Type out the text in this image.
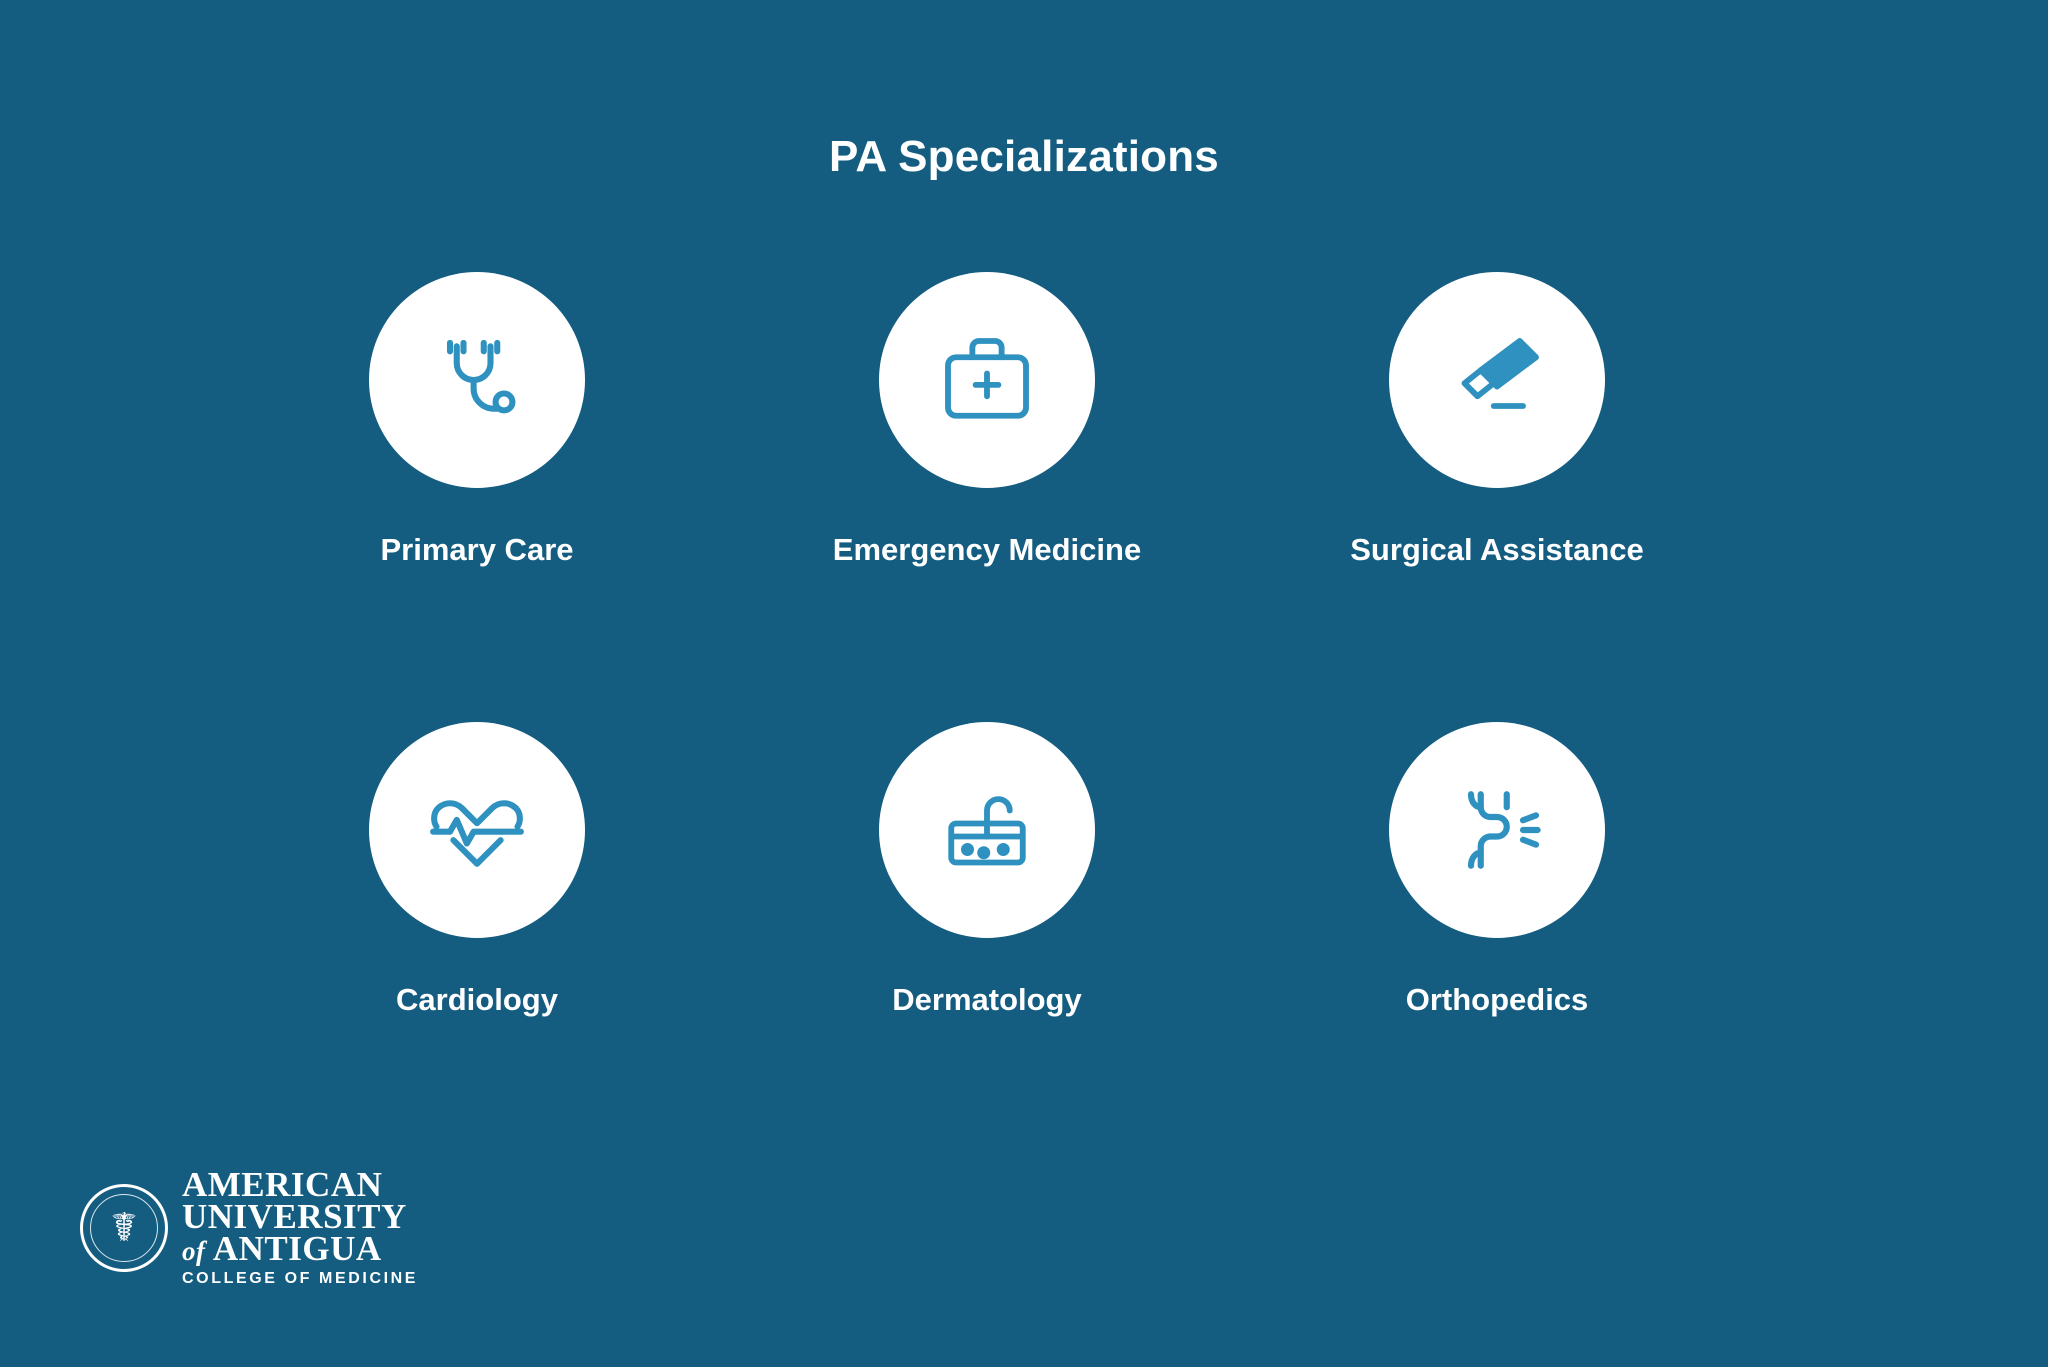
PA Specializations
Primary Care	Emergency Medicine	Surgical Assistance
Cardiology	Dermatology	Orthopedics
☤
AMERICAN
UNIVERSITY
of ANTIGUA
COLLEGE OF MEDICINE
